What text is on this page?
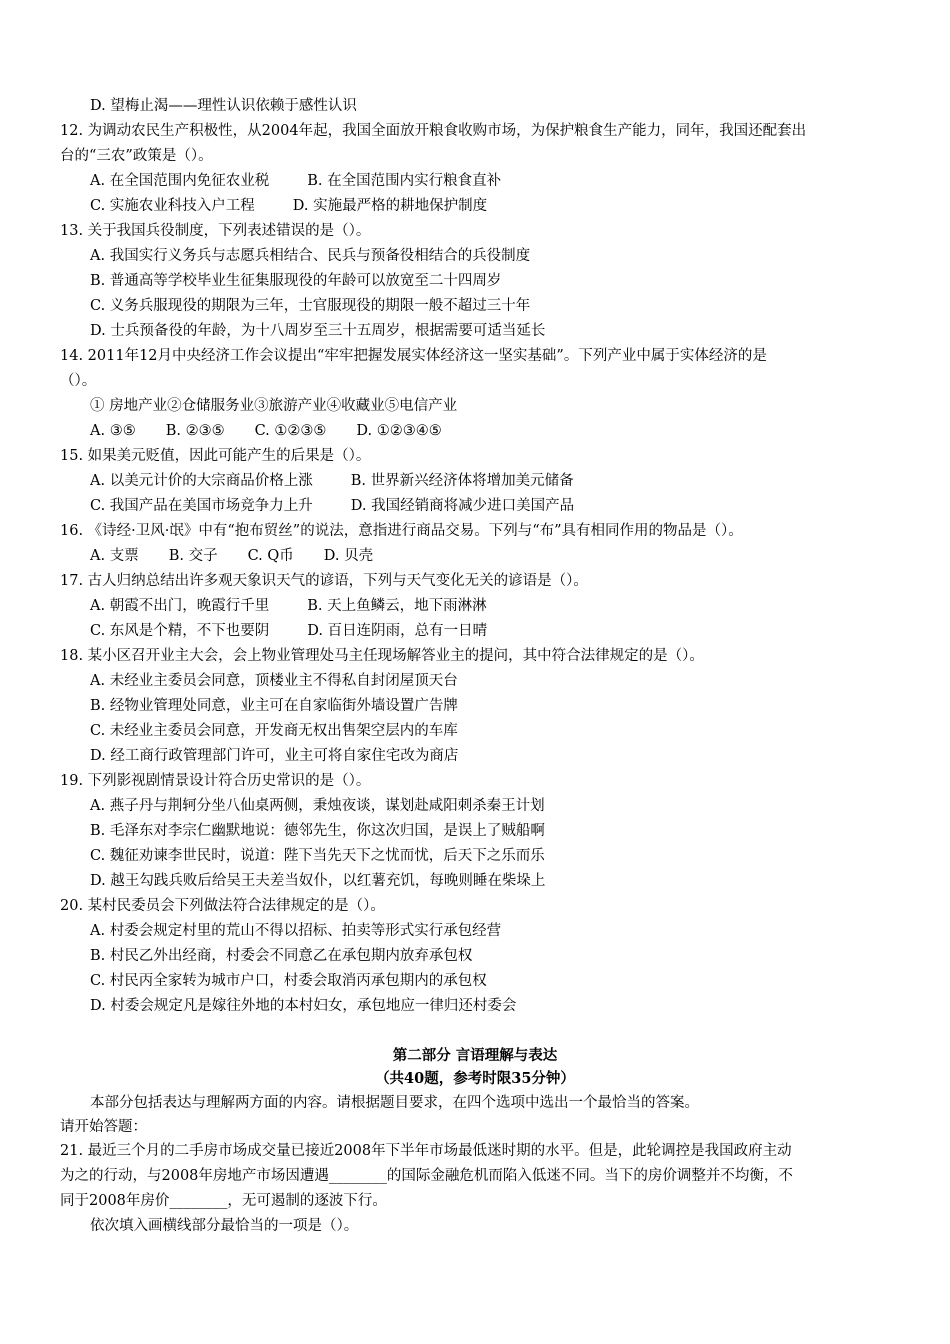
D. 望梅止渴——理性认识依赖于感性认识
12. 为调动农民生产积极性，从2004年起，我国全面放开粮食收购市场，为保护粮食生产能力，同年，我国还配套出
台的“三农”政策是（）。
A. 在全国范围内免征农业税	B. 在全国范围内实行粮食直补
C. 实施农业科技入户工程	D. 实施最严格的耕地保护制度
13. 关于我国兵役制度，下列表述错误的是（）。
A. 我国实行义务兵与志愿兵相结合、民兵与预备役相结合的兵役制度
B. 普通高等学校毕业生征集服现役的年龄可以放宽至二十四周岁
C. 义务兵服现役的期限为三年，士官服现役的期限一般不超过三十年
D. 士兵预备役的年龄，为十八周岁至三十五周岁，根据需要可适当延长
14. 2011年12月中央经济工作会议提出“牢牢把握发展实体经济这一坚实基础”。下列产业中属于实体经济的是
（）。
① 房地产业②仓储服务业③旅游产业④收藏业⑤电信产业
A. ③⑤ B. ②③⑤ C. ①②③⑤ D. ①②③④⑤
15. 如果美元贬值，因此可能产生的后果是（）。
A. 以美元计价的大宗商品价格上涨	B. 世界新兴经济体将增加美元储备
C. 我国产品在美国市场竞争力上升	D. 我国经销商将减少进口美国产品
16. 《诗经·卫风·氓》中有“抱布贸丝”的说法，意指进行商品交易。下列与“布”具有相同作用的物品是（）。
A. 支票 B. 交子 C. Q币 D. 贝壳
17. 古人归纳总结出许多观天象识天气的谚语，下列与天气变化无关的谚语是（）。
A. 朝霞不出门，晚霞行千里	B. 天上鱼鳞云，地下雨淋淋
C. 东风是个精，不下也要阴	D. 百日连阴雨，总有一日晴
18. 某小区召开业主大会，会上物业管理处马主任现场解答业主的提问，其中符合法律规定的是（）。
A. 未经业主委员会同意，顶楼业主不得私自封闭屋顶天台
B. 经物业管理处同意，业主可在自家临街外墙设置广告牌
C. 未经业主委员会同意，开发商无权出售架空层内的车库
D. 经工商行政管理部门许可，业主可将自家住宅改为商店
19. 下列影视剧情景设计符合历史常识的是（）。
A. 燕子丹与荆轲分坐八仙桌两侧，秉烛夜谈，谋划赴咸阳刺杀秦王计划
B. 毛泽东对李宗仁幽默地说：德邻先生，你这次归国，是误上了贼船啊
C. 魏征劝谏李世民时，说道：陛下当先天下之忧而忧，后天下之乐而乐
D. 越王勾践兵败后给吴王夫差当奴仆，以红薯充饥，每晚则睡在柴垛上
20. 某村民委员会下列做法符合法律规定的是（）。
A. 村委会规定村里的荒山不得以招标、拍卖等形式实行承包经营
B. 村民乙外出经商，村委会不同意乙在承包期内放弃承包权
C. 村民丙全家转为城市户口，村委会取消丙承包期内的承包权
D. 村委会规定凡是嫁往外地的本村妇女，承包地应一律归还村委会
第二部分 言语理解与表达
（共40题，参考时限35分钟）
本部分包括表达与理解两方面的内容。请根据题目要求，在四个选项中选出一个最恰当的答案。
请开始答题：
21. 最近三个月的二手房市场成交量已接近2008年下半年市场最低迷时期的水平。但是，此轮调控是我国政府主动
为之的行动，与2008年房地产市场因遭遇________的国际金融危机而陷入低迷不同。当下的房价调整并不均衡，不
同于2008年房价________，无可遏制的逐波下行。
依次填入画横线部分最恰当的一项是（）。
